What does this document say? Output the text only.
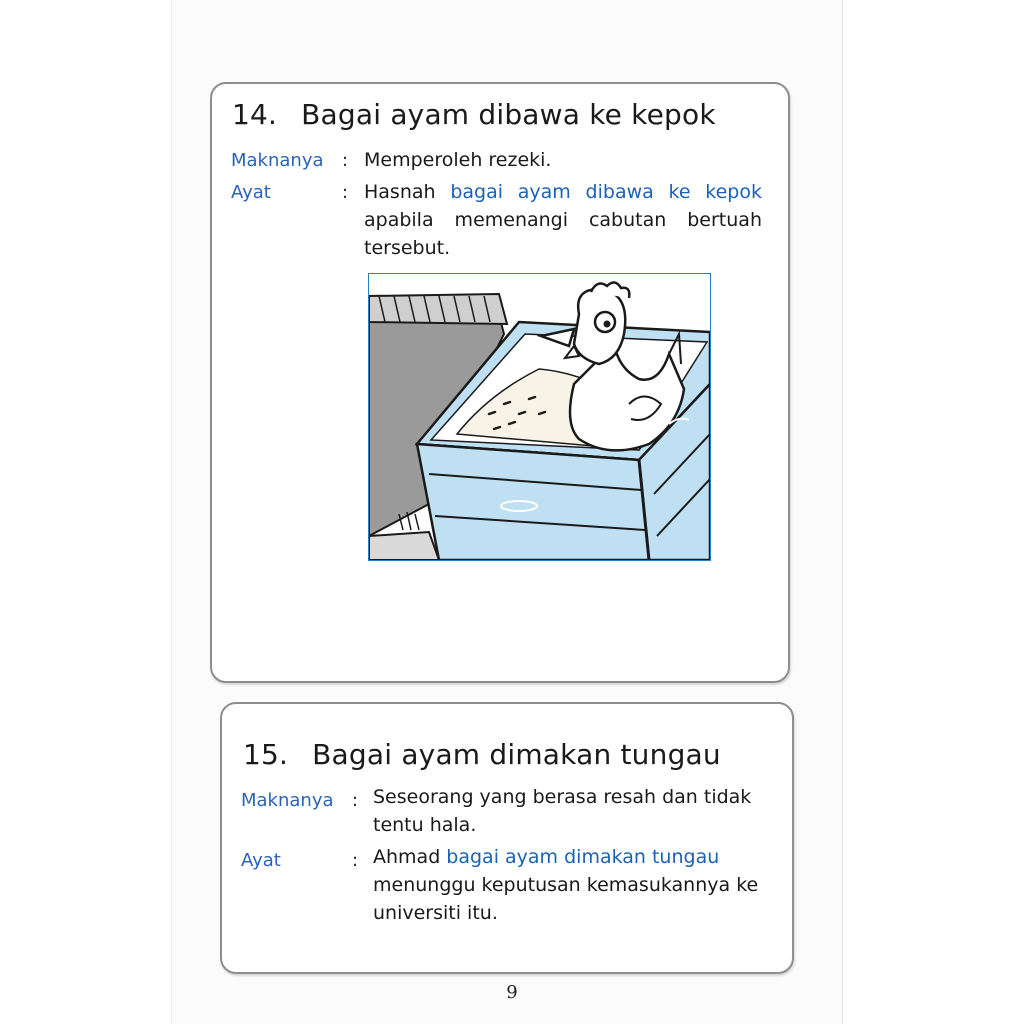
14. Bagai ayam dibawa ke kepok
Maknanya : Memperoleh rezeki.
Ayat	: Hasnah bagai ayam dibawa ke kepok apabila memenangi cabutan bertuah tersebut.
15. Bagai ayam dimakan tungau
Maknanya : Seseorang yang berasa resah dan tidak tentu hala.
Ayat	: Ahmad bagai ayam dimakan tungau menunggu keputusan kemasukannya ke universiti itu.
9
